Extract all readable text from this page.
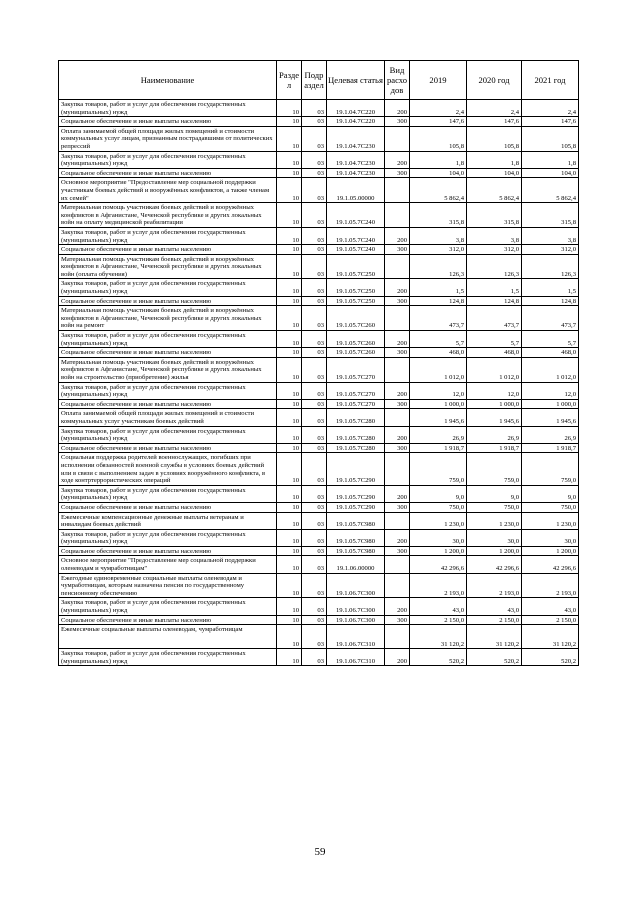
Наименование	Разде л	Подр аздел	Целевая статья	Вид расхо дов	2019	2020 год	2021 год
Закупка товаров, работ и услуг для обеспечения государственных (муниципальных) нужд	10	03	19.1.04.7С220	200	2,4	2,4	2,4
Социальное обеспечение и иные выплаты населению	10	03	19.1.04.7С220	300	147,6	147,6	147,6
Оплата занимаемой общей площади жилых помещений и стоимости коммунальных услуг лицам, признанным пострадавшими от политических репрессий	10	03	19.1.04.7С230		105,8	105,8	105,8
Закупка товаров, работ и услуг для обеспечения государственных (муниципальных) нужд	10	03	19.1.04.7С230	200	1,8	1,8	1,8
Социальное обеспечение и иные выплаты населению	10	03	19.1.04.7С230	300	104,0	104,0	104,0
Основное мероприятие "Предоставление мер социальной поддержки участникам боевых действий и вооружённых конфликтов, а также членам их семей"	10	03	19.1.05.00000		5 862,4	5 862,4	5 862,4
Материальная помощь участникам боевых действий и вооружённых конфликтов в Афганистане, Чеченской республике и других локальных войн на оплату медицинской реабилитации	10	03	19.1.05.7С240		315,8	315,8	315,8
Закупка товаров, работ и услуг для обеспечения государственных (муниципальных) нужд	10	03	19.1.05.7С240	200	3,8	3,8	3,8
Социальное обеспечение и иные выплаты населению	10	03	19.1.05.7С240	300	312,0	312,0	312,0
Материальная помощь участникам боевых действий и вооружённых конфликтов в Афганистане, Чеченской республике и других локальных войн (оплата обучения)	10	03	19.1.05.7С250		126,3	126,3	126,3
Закупка товаров, работ и услуг для обеспечения государственных (муниципальных) нужд	10	03	19.1.05.7С250	200	1,5	1,5	1,5
Социальное обеспечение и иные выплаты населению	10	03	19.1.05.7С250	300	124,8	124,8	124,8
Материальная помощь участникам боевых действий и вооружённых конфликтов в Афганистане, Чеченской республике и других локальных войн на ремонт	10	03	19.1.05.7С260		473,7	473,7	473,7
Закупка товаров, работ и услуг для обеспечения государственных (муниципальных) нужд	10	03	19.1.05.7С260	200	5,7	5,7	5,7
Социальное обеспечение и иные выплаты населению	10	03	19.1.05.7С260	300	468,0	468,0	468,0
Материальная помощь участникам боевых действий и вооружённых конфликтов в Афганистане, Чеченской республике и других локальных войн на строительство (приобретение) жилья	10	03	19.1.05.7С270		1 012,0	1 012,0	1 012,0
Закупка товаров, работ и услуг для обеспечения государственных (муниципальных) нужд	10	03	19.1.05.7С270	200	12,0	12,0	12,0
Социальное обеспечение и иные выплаты населению	10	03	19.1.05.7С270	300	1 000,0	1 000,0	1 000,0
Оплата занимаемой общей площади жилых помещений и стоимости коммунальных услуг участникам боевых действий	10	03	19.1.05.7С280		1 945,6	1 945,6	1 945,6
Закупка товаров, работ и услуг для обеспечения государственных (муниципальных) нужд	10	03	19.1.05.7С280	200	26,9	26,9	26,9
Социальное обеспечение и иные выплаты населению	10	03	19.1.05.7С280	300	1 918,7	1 918,7	1 918,7
Социальная поддержка родителей военнослужащих, погибших при исполнении обязанностей военной службы в условиях боевых действий или в связи с выполнением задач в условиях вооружённого конфликта, в ходе контртеррористических операций	10	03	19.1.05.7С290		759,0	759,0	759,0
Закупка товаров, работ и услуг для обеспечения государственных (муниципальных) нужд	10	03	19.1.05.7С290	200	9,0	9,0	9,0
Социальное обеспечение и иные выплаты населению	10	03	19.1.05.7С290	300	750,0	750,0	750,0
Ежемесячные компенсационные денежные выплаты ветеранам и инвалидам боевых действий	10	03	19.1.05.7С980		1 230,0	1 230,0	1 230,0
Закупка товаров, работ и услуг для обеспечения государственных (муниципальных) нужд	10	03	19.1.05.7С980	200	30,0	30,0	30,0
Социальное обеспечение и иные выплаты населению	10	03	19.1.05.7С980	300	1 200,0	1 200,0	1 200,0
Основное мероприятие "Предоставление мер социальной поддержки оленеводам и чумработницам"	10	03	19.1.06.00000		42 296,6	42 296,6	42 296,6
Ежегодные единовременные социальные выплаты оленеводам и чумработницам, которым назначена пенсия по государственному пенсионному обеспечению	10	03	19.1.06.7С300		2 193,0	2 193,0	2 193,0
Закупка товаров, работ и услуг для обеспечения государственных (муниципальных) нужд	10	03	19.1.06.7С300	200	43,0	43,0	43,0
Социальное обеспечение и иные выплаты населению	10	03	19.1.06.7С300	300	2 150,0	2 150,0	2 150,0
Ежемесячные социальные выплаты оленеводам, чумработницам	10	03	19.1.06.7С310		31 120,2	31 120,2	31 120,2
Закупка товаров, работ и услуг для обеспечения государственных (муниципальных) нужд	10	03	19.1.06.7С310	200	520,2	520,2	520,2
59
